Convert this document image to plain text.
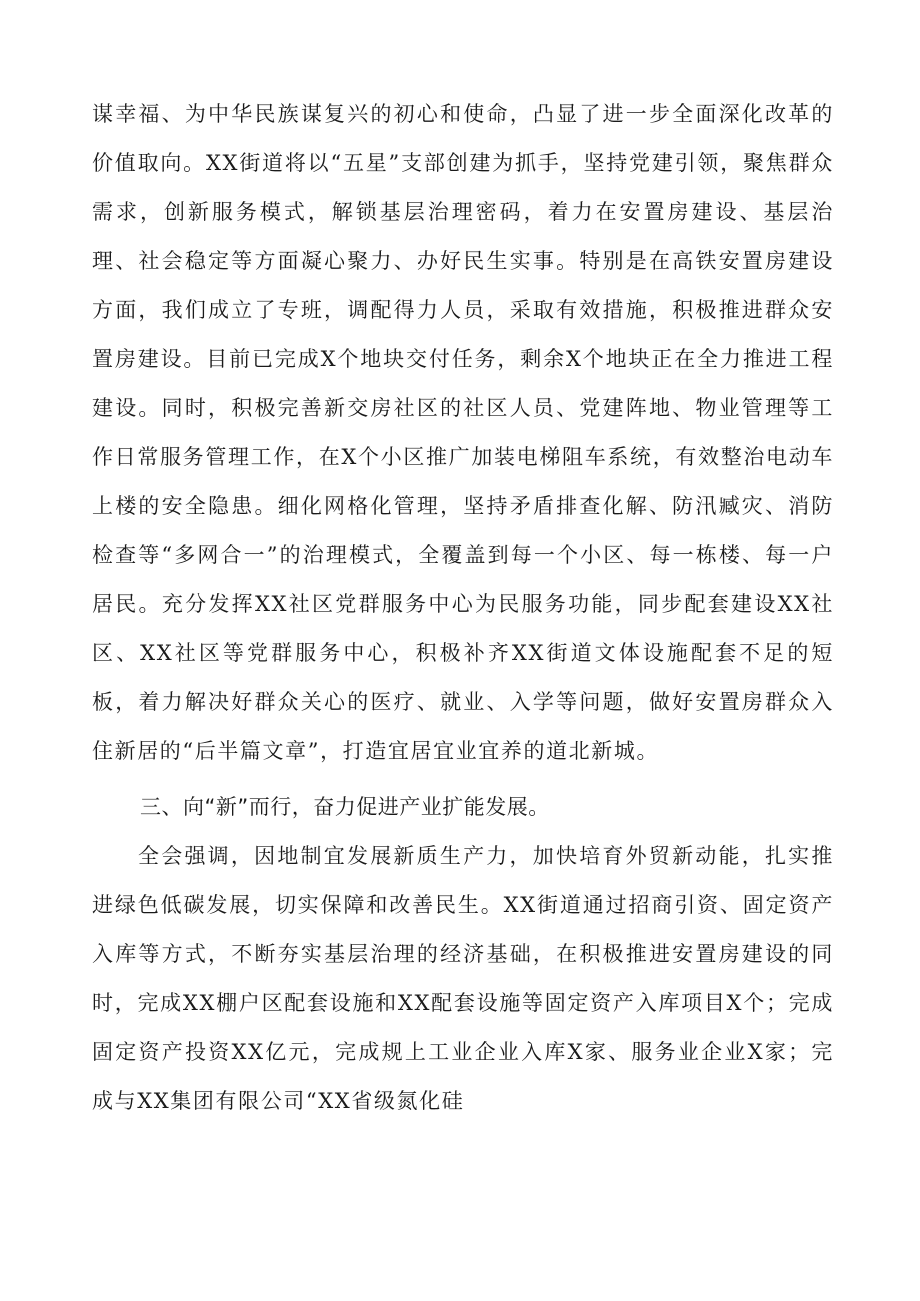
谋幸福、为中华民族谋复兴的初心和使命，凸显了进一步全面深化改革的价值取向。XX街道将以“五星”支部创建为抓手，坚持党建引领，聚焦群众需求，创新服务模式，解锁基层治理密码，着力在安置房建设、基层治理、社会稳定等方面凝心聚力、办好民生实事。特别是在高铁安置房建设方面，我们成立了专班，调配得力人员，采取有效措施，积极推进群众安置房建设。目前已完成X个地块交付任务，剩余X个地块正在全力推进工程建设。同时，积极完善新交房社区的社区人员、党建阵地、物业管理等工作日常服务管理工作，在X个小区推广加装电梯阻车系统，有效整治电动车上楼的安全隐患。细化网格化管理，坚持矛盾排查化解、防汛臧灾、消防检查等“多网合一”的治理模式，全覆盖到每一个小区、每一栋楼、每一户居民。充分发挥XX社区党群服务中心为民服务功能，同步配套建设XX社区、XX社区等党群服务中心，积极补齐XX街道文体设施配套不足的短板，着力解决好群众关心的医疗、就业、入学等问题，做好安置房群众入住新居的“后半篇文章”，打造宜居宜业宜养的道北新城。

三、向“新”而行，奋力促进产业扩能发展。

全会强调，因地制宜发展新质生产力，加快培育外贸新动能，扎实推进绿色低碳发展，切实保障和改善民生。XX街道通过招商引资、固定资产入库等方式，不断夯实基层治理的经济基础，在积极推进安置房建设的同时，完成XX棚户区配套设施和XX配套设施等固定资产入库项目X个；完成固定资产投资XX亿元，完成规上工业企业入库X家、服务业企业X家；完成与XX集团有限公司“XX省级氮化硅
